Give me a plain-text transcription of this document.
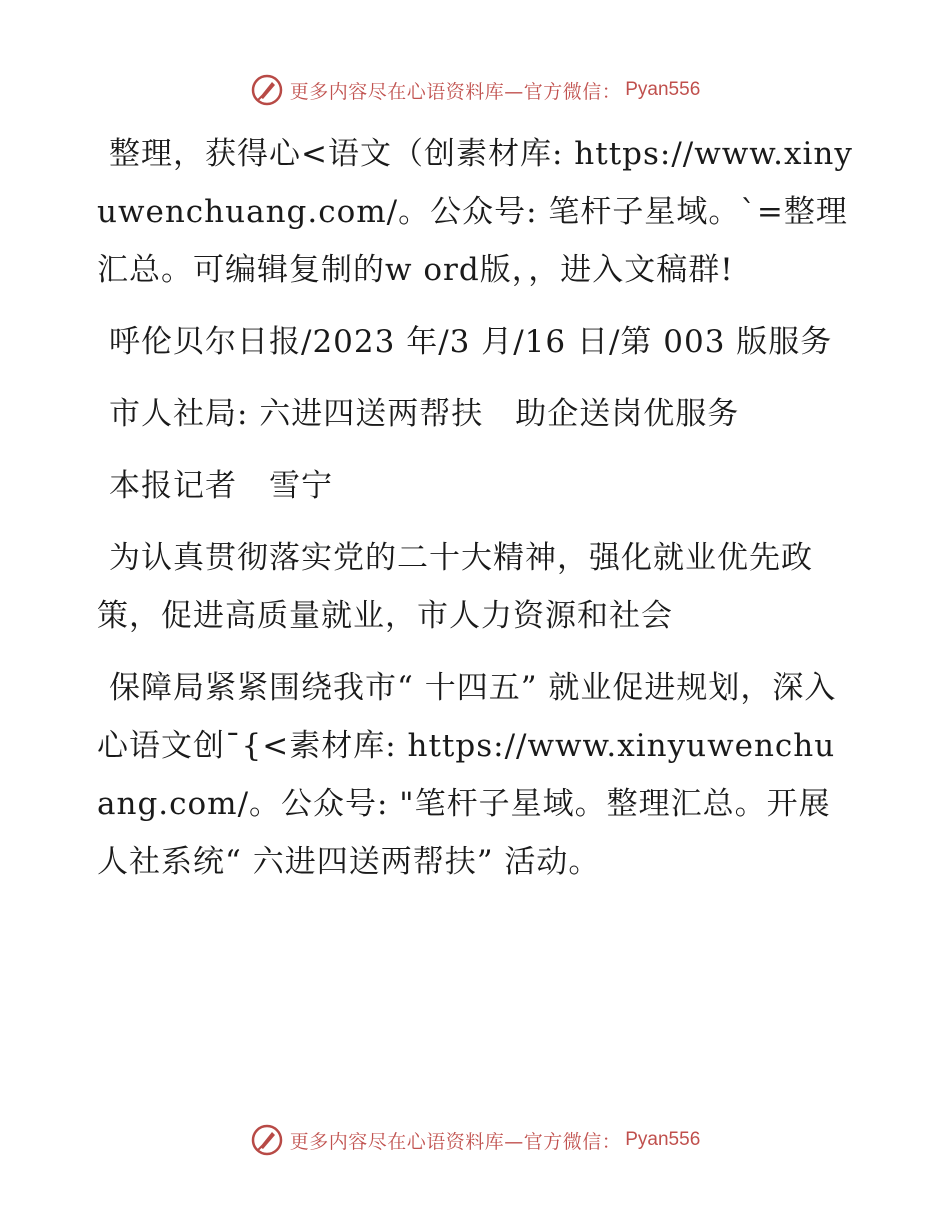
更多内容尽在心语资料库—官方微信： Pyan556

整理，获得心<语文（创素材库: https://www.xinyuwenchuang.com/。公众号: 笔杆子星域。`=整理汇总。可编辑复制的w ord版，，进入文稿群!

呼伦贝尔日报/2023 年/3 月/16 日/第 003 版服务

市人社局: 六进四送两帮扶　助企送岗优服务

本报记者　雪宁

为认真贯彻落实党的二十大精神，强化就业优先政策，促进高质量就业，市人力资源和社会

保障局紧紧围绕我市“ 十四五” 就业促进规划，深入心语文创¯{<素材库: https://www.xinyuwenchuang.com/。公众号: "笔杆子星域。整理汇总。开展人社系统“ 六进四送两帮扶” 活动。

更多内容尽在心语资料库—官方微信： Pyan556
